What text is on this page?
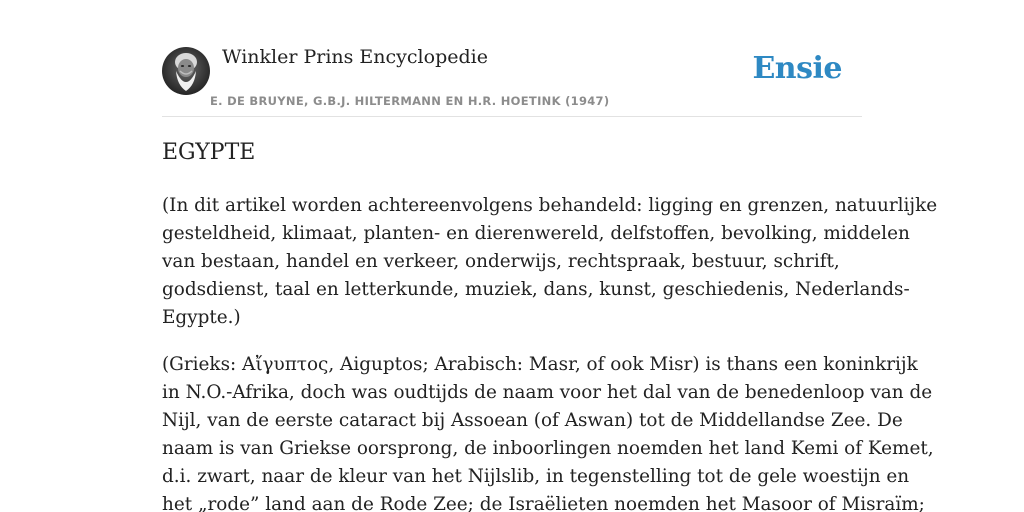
Winkler Prins Encyclopedie
E. DE BRUYNE, G.B.J. HILTERMANN EN H.R. HOETINK (1947)
Ensie
EGYPTE

(In dit artikel worden achtereenvolgens behandeld: ligging en grenzen, natuurlijke
gesteldheid, klimaat, planten- en dierenwereld, delfstoffen, bevolking, middelen
van bestaan, handel en verkeer, onderwijs, rechtspraak, bestuur, schrift,
godsdienst, taal en letterkunde, muziek, dans, kunst, geschiedenis, Nederlands-
Egypte.)

(Grieks: Aἴγυπτος, Aiguptos; Arabisch: Masr, of ook Misr) is thans een koninkrijk
in N.O.-Afrika, doch was oudtijds de naam voor het dal van de benedenloop van de
Nijl, van de eerste cataract bij Assoean (of Aswan) tot de Middellandse Zee. De
naam is van Griekse oorsprong, de inboorlingen noemden het land Kemi of Kemet,
d.i. zwart, naar de kleur van het Nijlslib, in tegenstelling tot de gele woestijn en
het „rode” land aan de Rode Zee; de Israëlieten noemden het Masoor of Misraïm;
